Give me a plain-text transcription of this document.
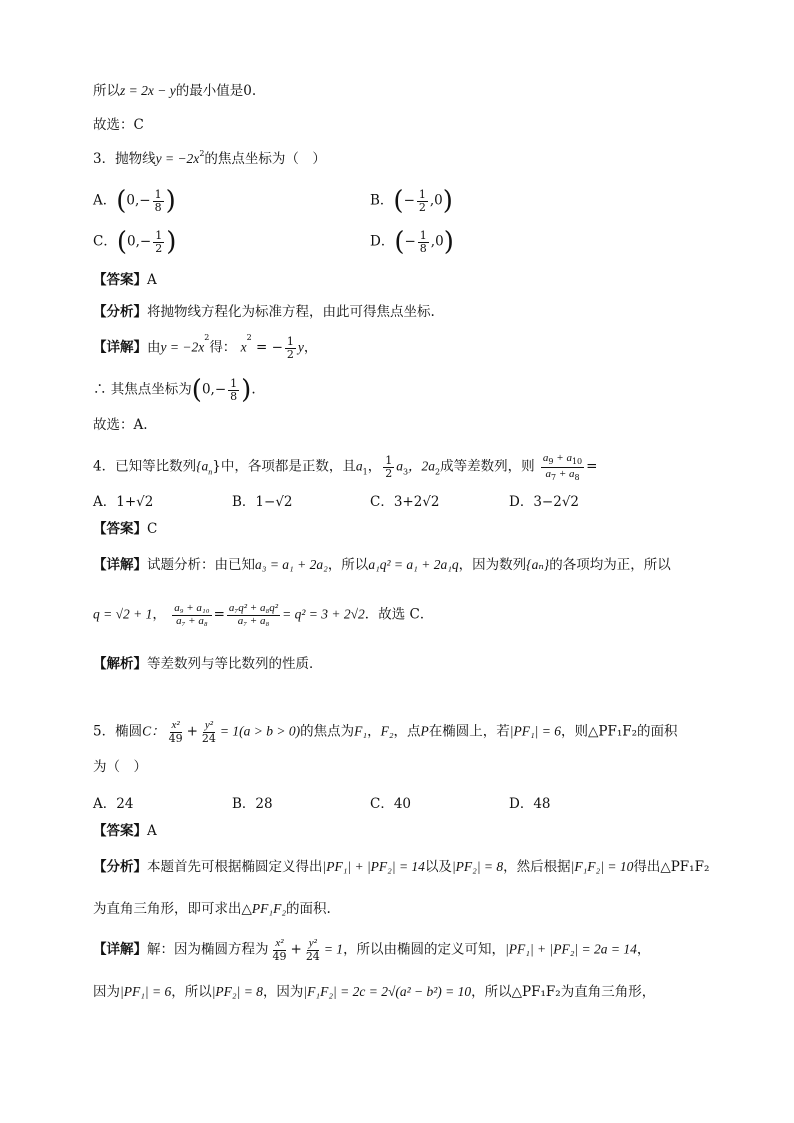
所以z = 2x − y的最小值是0.
故选：C
3．抛物线$y = -2x^2$的焦点坐标为（　）
A．($0,- \frac{1}{8}$ )	B．(− $\frac{1}{2} ,0$)
C．($0,- \frac{1}{2}$ )	D．(− $\frac{1}{8} ,0$)
【答案】A
【分析】将抛物线方程化为标准方程，由此可得焦点坐标.
【详解】由$y = -2x^2$得： $x^2$ = − $\frac{1}{2}$ y，
∴ 其焦点坐标为($0,- \frac{1}{8}$ ).
故选：A.
4．已知等比数列$\{a_n\}$中，各项都是正数，且$a_1$， $\frac{1}{2} a_3$，$2a_2$成等差数列，则 $\frac{a_9 + a_{10}}{a_7 + a_8}$ =
A．1+√2	B．1−√2	C．3+2√2	D．3−2√2
【答案】C
【详解】试题分析：由已知a₃ = a₁ + 2a₂，所以a₁q² = a₁ + 2a₁q，因为数列{aₙ}的各项均为正，所以
q = √2 + 1， $\frac{\text{a₉ + a₁₀}}{\text{a₇ + a₈}} = \frac{\text{a₇q² + a₈q²}}{\text{a₇ + a₈}} = q^2 = 3 + 2√2$．故选 C．
【解析】等差数列与等比数列的性质．
5．椭圆C： $\frac{\text{x²}}{49} + \frac{\text{y²}}{24} = 1(a > b > 0)$的焦点为F₁，F₂，点P在椭圆上，若|PF₁| = 6，则△PF₁F₂的面积
为（　）
A．24	B．28	C．40	D．48
【答案】A
【分析】本题首先可根据椭圆定义得出|PF₁| + |PF₂| = 14以及|PF₂| = 8，然后根据|F₁F₂| = 10得出△PF₁F₂
为直角三角形，即可求出△PF₁F₂的面积.
【详解】解：因为椭圆方程为 $\frac{\text{x²}}{49} + \frac{\text{y²}}{24} = 1$，所以由椭圆的定义可知，|PF₁| + |PF₂| = 2a = 14，
因为|PF₁| = 6，所以|PF₂| = 8，因为|F₁F₂| = 2c = 2√(a² − b²) = 10，所以△PF₁F₂为直角三角形，
